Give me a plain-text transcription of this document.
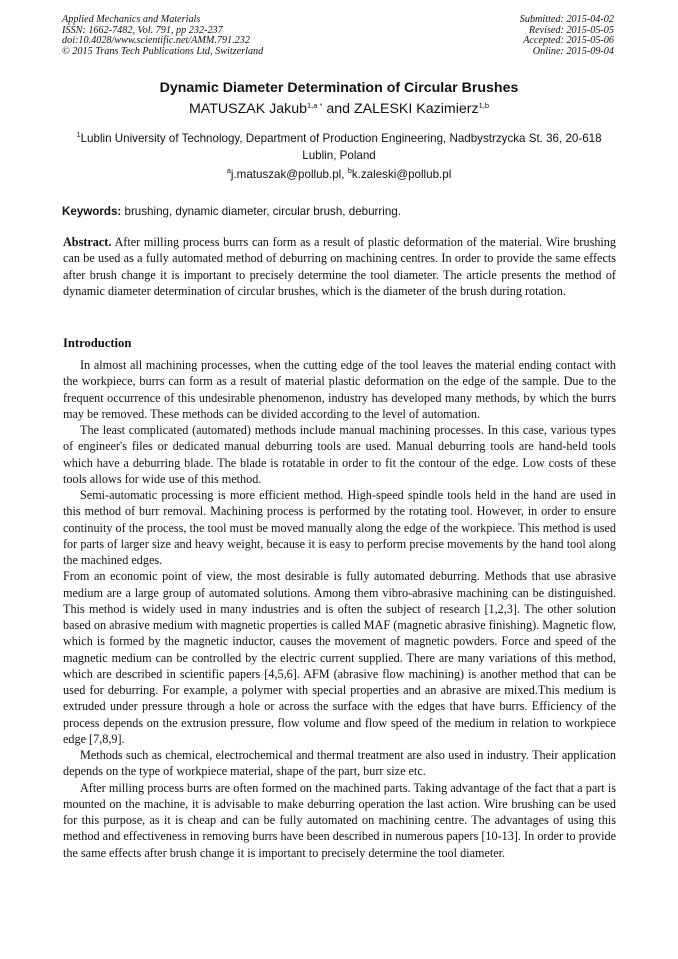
Applied Mechanics and Materials
ISSN: 1662-7482, Vol. 791, pp 232-237
doi:10.4028/www.scientific.net/AMM.791.232
© 2015 Trans Tech Publications Ltd, Switzerland
Submitted: 2015-04-02
Revised: 2015-05-05
Accepted: 2015-05-06
Online: 2015-09-04
Dynamic Diameter Determination of Circular Brushes
MATUSZAK Jakub$^{1,a *}$ and ZALESKI Kazimierz$^{1,b}$
$^1$Lublin University of Technology, Department of Production Engineering, Nadbystrzycka St. 36, 20-618 Lublin, Poland
$^a$j.matuszak@pollub.pl, $^b$k.zaleski@pollub.pl
Keywords: brushing, dynamic diameter, circular brush, deburring.
Abstract. After milling process burrs can form as a result of plastic deformation of the material. Wire brushing can be used as a fully automated method of deburring on machining centres. In order to provide the same effects after brush change it is important to precisely determine the tool diameter. The article presents the method of dynamic diameter determination of circular brushes, which is the diameter of the brush during rotation.
Introduction

In almost all machining processes, when the cutting edge of the tool leaves the material ending contact with the workpiece, burrs can form as a result of material plastic deformation on the edge of the sample. Due to the frequent occurrence of this undesirable phenomenon, industry has developed many methods, by which the burrs may be removed. These methods can be divided according to the level of automation.

The least complicated (automated) methods include manual machining processes. In this case, various types of engineer's files or dedicated manual deburring tools are used. Manual deburring tools are hand-held tools which have a deburring blade. The blade is rotatable in order to fit the contour of the edge. Low costs of these tools allows for wide use of this method.

Semi-automatic processing is more efficient method. High-speed spindle tools held in the hand are used in this method of burr removal. Machining process is performed by the rotating tool. However, in order to ensure continuity of the process, the tool must be moved manually along the edge of the workpiece. This method is used for parts of larger size and heavy weight, because it is easy to perform precise movements by the hand tool along the machined edges.

From an economic point of view, the most desirable is fully automated deburring. Methods that use abrasive medium are a large group of automated solutions. Among them vibro-abrasive machining can be distinguished. This method is widely used in many industries and is often the subject of research [1,2,3]. The other solution based on abrasive medium with magnetic properties is called MAF (magnetic abrasive finishing). Magnetic flow, which is formed by the magnetic inductor, causes the movement of magnetic powders. Force and speed of the magnetic medium can be controlled by the electric current supplied. There are many variations of this method, which are described in scientific papers [4,5,6]. AFM (abrasive flow machining) is another method that can be used for deburring. For example, a polymer with special properties and an abrasive are mixed.This medium is extruded under pressure through a hole or across the surface with the edges that have burrs. Efficiency of the process depends on the extrusion pressure, flow volume and flow speed of the medium in relation to workpiece edge [7,8,9].

Methods such as chemical, electrochemical and thermal treatment are also used in industry. Their application depends on the type of workpiece material, shape of the part, burr size etc.

After milling process burrs are often formed on the machined parts. Taking advantage of the fact that a part is mounted on the machine, it is advisable to make deburring operation the last action. Wire brushing can be used for this purpose, as it is cheap and can be fully automated on machining centre. The advantages of using this method and effectiveness in removing burrs have been described in numerous papers [10-13]. In order to provide the same effects after brush change it is important to precisely determine the tool diameter.
